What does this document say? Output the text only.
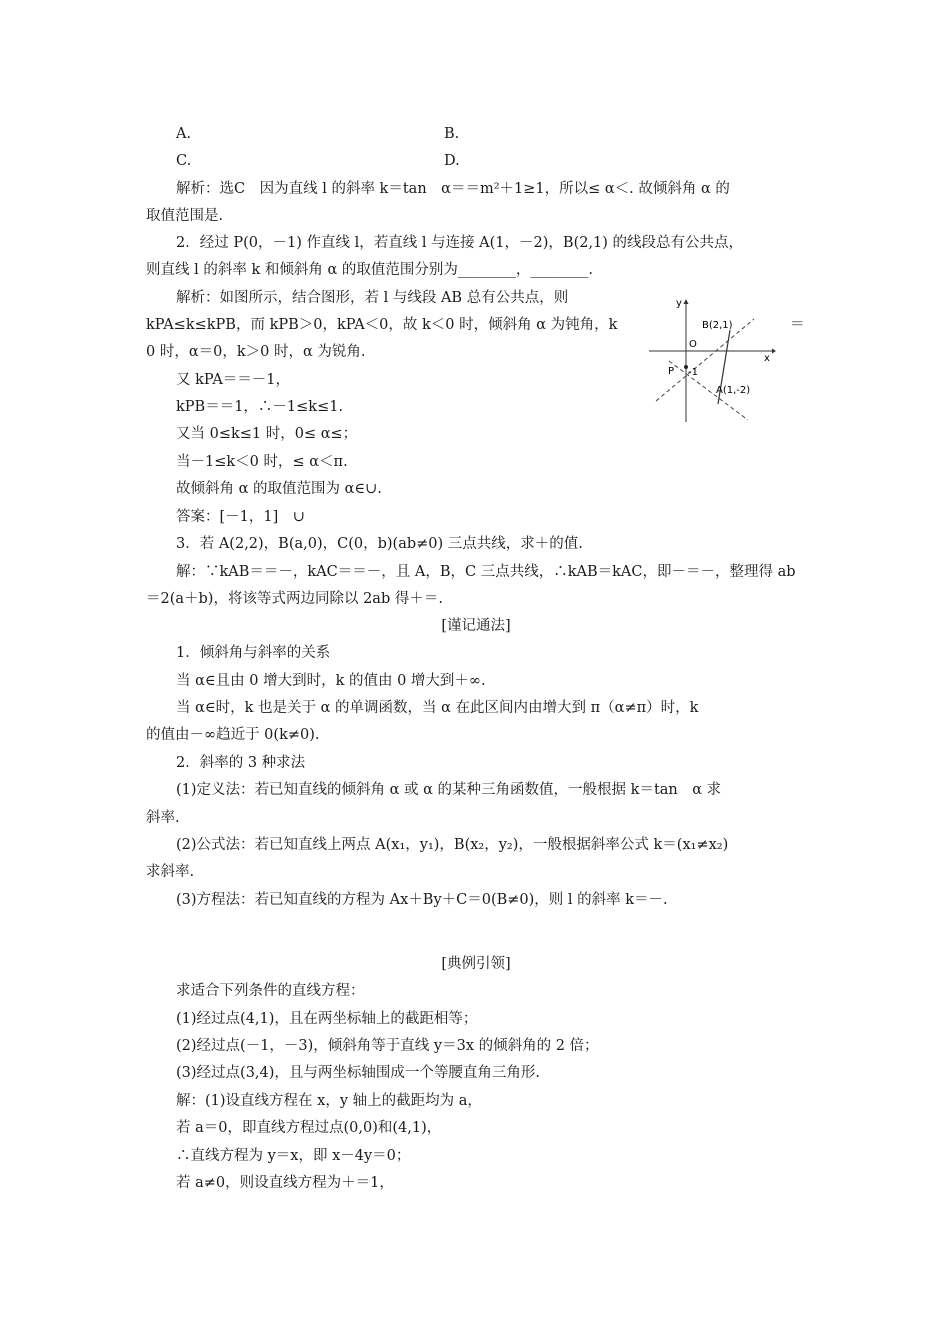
A.	B.
C.	D.
解析：选C　因为直线 l 的斜率 k＝tan　α＝＝m²＋1≥1，所以≤ α＜. 故倾斜角 α 的
取值范围是.
2．经过 P(0，－1) 作直线 l，若直线 l 与连接 A(1，－2)，B(2,1) 的线段总有公共点，
则直线 l 的斜率 k 和倾斜角 α 的取值范围分别为________，________.
解析：如图所示，结合图形，若 l 与线段 AB 总有公共点，则
kPA≤k≤kPB，而 kPB＞0，kPA＜0，故 k＜0 时，倾斜角 α 为钝角，k	＝
0 时，α＝0，k＞0 时，α 为锐角.
y
x
O
B(2,1)
P -1
A(1,-2)
又 kPA＝＝－1，
kPB＝＝1，∴－1≤k≤1.
又当 0≤k≤1 时，0≤ α≤；
当－1≤k＜0 时，≤ α＜π.
故倾斜角 α 的取值范围为 α∈∪.
答案：[－1，1]　∪
3．若 A(2,2)，B(a,0)，C(0，b)(ab≠0) 三点共线，求＋的值.
解：∵kAB＝＝－，kAC＝＝－，且 A，B，C 三点共线，∴kAB＝kAC，即－＝－，整理得 ab
＝2(a＋b)，将该等式两边同除以 2ab 得＋＝.
[谨记通法]
1．倾斜角与斜率的关系
当 α∈且由 0 增大到时，k 的值由 0 增大到＋∞.
当 α∈时，k 也是关于 α 的单调函数，当 α 在此区间内由增大到 π（α≠π）时，k
的值由－∞趋近于 0(k≠0).
2．斜率的 3 种求法
(1)定义法：若已知直线的倾斜角 α 或 α 的某种三角函数值，一般根据 k＝tan　α 求
斜率.
(2)公式法：若已知直线上两点 A(x₁，y₁)，B(x₂，y₂)，一般根据斜率公式 k＝(x₁≠x₂)
求斜率.
(3)方程法：若已知直线的方程为 Ax＋By＋C＝0(B≠0)，则 l 的斜率 k＝－.
[典例引领]
求适合下列条件的直线方程：
(1)经过点(4,1)，且在两坐标轴上的截距相等；
(2)经过点(－1，－3)，倾斜角等于直线 y＝3x 的倾斜角的 2 倍；
(3)经过点(3,4)，且与两坐标轴围成一个等腰直角三角形.
解：(1)设直线方程在 x，y 轴上的截距均为 a，
若 a＝0，即直线方程过点(0,0)和(4,1)，
∴直线方程为 y＝x，即 x－4y＝0；
若 a≠0，则设直线方程为＋＝1，
